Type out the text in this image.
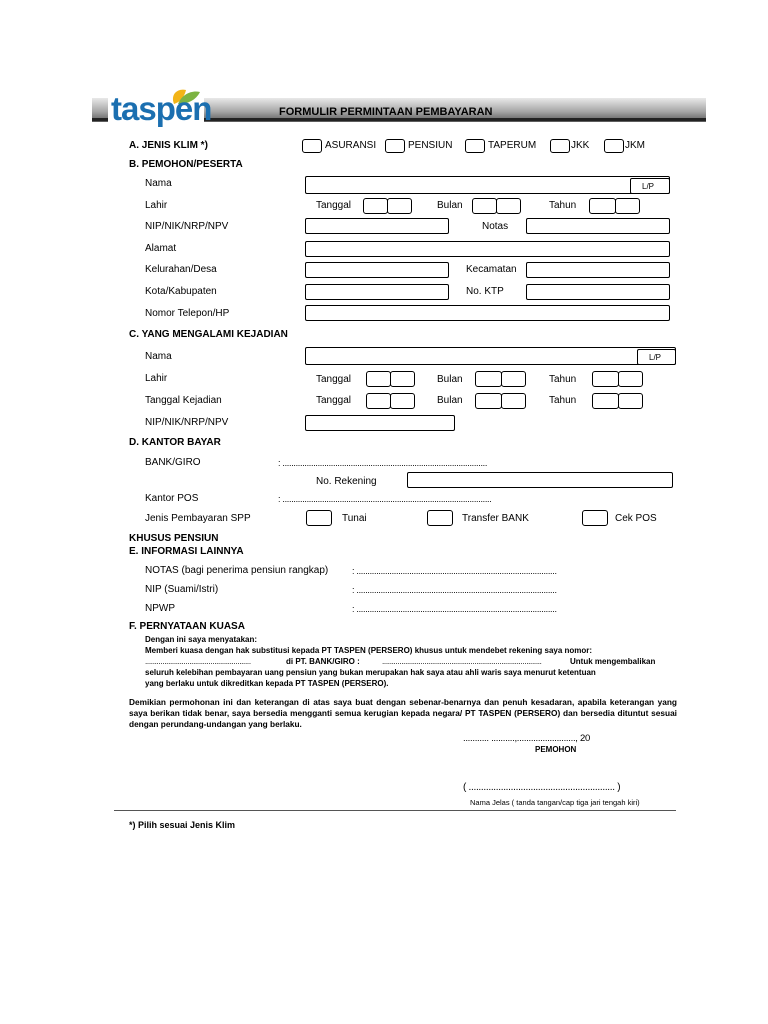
taspen	FORMULIR PERMINTAAN PEMBAYARAN
A. JENIS KLIM *)	ASURANSI	PENSIUN	TAPERUM	JKK	JKM
B. PEMOHON/PESERTA
Nama	L/P
Lahir	Tanggal	Bulan	Tahun
NIP/NIK/NRP/NPV	Notas
Alamat
Kelurahan/Desa	Kecamatan
Kota/Kabupaten	No. KTP
Nomor Telepon/HP
C. YANG MENGALAMI KEJADIAN
Nama	L/P
Lahir	Tanggal	Bulan	Tahun
Tanggal Kejadian	Tanggal	Bulan	Tahun
NIP/NIK/NRP/NPV
D. KANTOR BAYAR
BANK/GIRO	: .............................................................................................
No. Rekening
Kantor POS	: ...............................................................................................
Jenis Pembayaran SPP	Tunai	Transfer BANK	Cek POS
KHUSUS PENSIUN
E. INFORMASI LAINNYA
NOTAS (bagi penerima pensiun rangkap)	: ...........................................................................................
NIP (Suami/Istri)	: ...........................................................................................
NPWP	: ...........................................................................................
F. PERNYATAAN KUASA
Dengan ini saya menyatakan:
Memberi kuasa dengan hak substitusi kepada PT TASPEN (PERSERO) khusus untuk mendebet rekening saya nomor:
.......................................................	di PT. BANK/GIRO :	...................................................................................	Untuk mengembalikan
seluruh kelebihan pembayaran uang pensiun yang bukan merupakan hak saya atau ahli waris saya menurut ketentuan
yang berlaku untuk dikreditkan kepada PT TASPEN (PERSERO).
Demikian permohonan ini dan keterangan di atas saya buat dengan sebenar-benarnya dan penuh kesadaran, apabila keterangan yang saya berikan tidak benar, saya bersedia mengganti semua kerugian kepada negara/ PT TASPEN (PERSERO) dan bersedia dituntut sesuai dengan perundang-undangan yang berlaku.
........... ..........,........................., 20
PEMOHON
( ........................................................... )
Nama Jelas ( tanda tangan/cap tiga jari tengah kiri)
*) Pilih sesuai Jenis Klim
